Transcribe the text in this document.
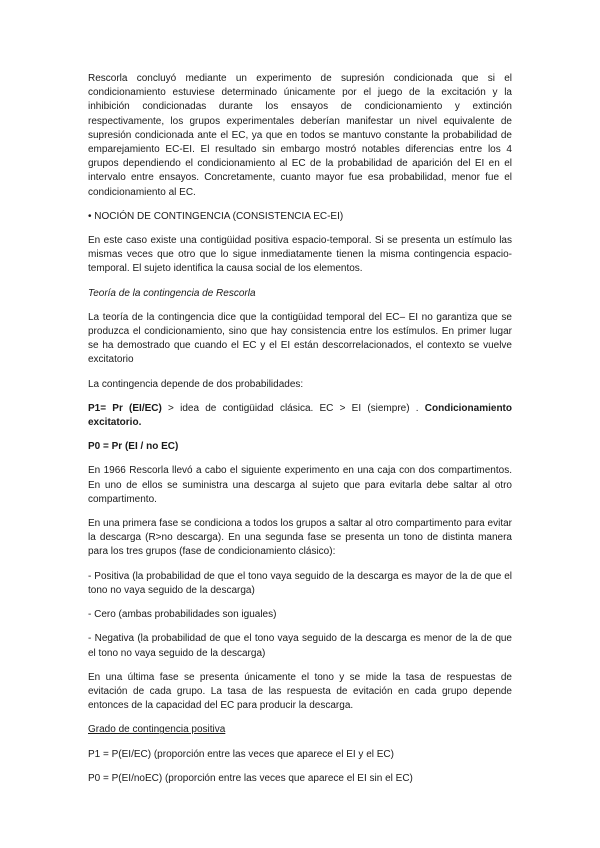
Rescorla concluyó mediante un experimento de supresión condicionada que si el condicionamiento estuviese determinado únicamente por el juego de la excitación y la inhibición condicionadas durante los ensayos de condicionamiento y extinción respectivamente, los grupos experimentales deberían manifestar un nivel equivalente de supresión condicionada ante el EC, ya que en todos se mantuvo constante la probabilidad de emparejamiento EC-EI. El resultado sin embargo mostró notables diferencias entre los 4 grupos dependiendo el condicionamiento al EC de la probabilidad de aparición del EI en el intervalo entre ensayos. Concretamente, cuanto mayor fue esa probabilidad, menor fue el condicionamiento al EC.

• NOCIÓN DE CONTINGENCIA (CONSISTENCIA EC-EI)

En este caso existe una contigüidad positiva espacio-temporal. Si se presenta un estímulo las mismas veces que otro que lo sigue inmediatamente tienen la misma contingencia espacio-temporal. El sujeto identifica la causa social de los elementos.

Teoría de la contingencia de Rescorla

La teoría de la contingencia dice que la contigüidad temporal del EC– EI no garantiza que se produzca el condicionamiento, sino que hay consistencia entre los estímulos. En primer lugar se ha demostrado que cuando el EC y el EI están descorrelacionados, el contexto se vuelve excitatorio

La contingencia depende de dos probabilidades:

P1= Pr (EI/EC) > idea de contigüidad clásica. EC > EI (siempre) . Condicionamiento excitatorio.

P0 = Pr (EI / no EC)

En 1966 Rescorla llevó a cabo el siguiente experimento en una caja con dos compartimentos. En uno de ellos se suministra una descarga al sujeto que para evitarla debe saltar al otro compartimento.

En una primera fase se condiciona a todos los grupos a saltar al otro compartimento para evitar la descarga (R>no descarga). En una segunda fase se presenta un tono de distinta manera para los tres grupos (fase de condicionamiento clásico):

- Positiva (la probabilidad de que el tono vaya seguido de la descarga es mayor de la de que el tono no vaya seguido de la descarga)

- Cero (ambas probabilidades son iguales)

- Negativa (la probabilidad de que el tono vaya seguido de la descarga es menor de la de que el tono no vaya seguido de la descarga)

En una última fase se presenta únicamente el tono y se mide la tasa de respuestas de evitación de cada grupo. La tasa de las respuesta de evitación en cada grupo depende entonces de la capacidad del EC para producir la descarga.

Grado de contingencia positiva

P1 = P(EI/EC) (proporción entre las veces que aparece el EI y el EC)

P0 = P(EI/noEC) (proporción entre las veces que aparece el EI sin el EC)
